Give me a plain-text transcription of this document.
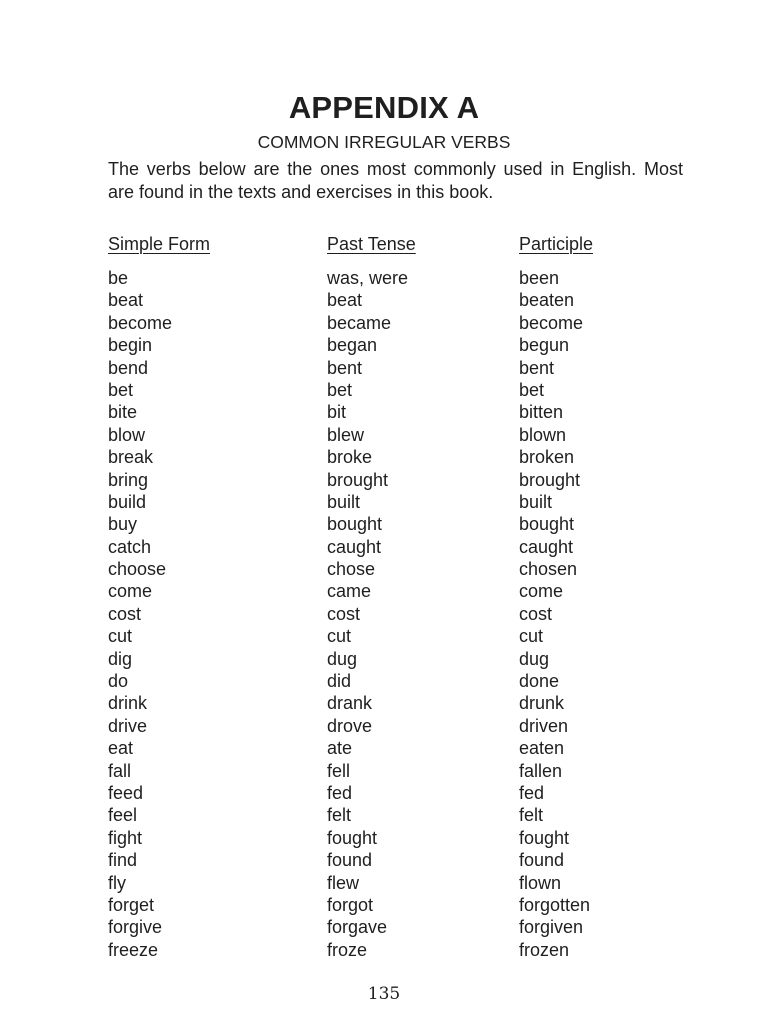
APPENDIX A
COMMON IRREGULAR VERBS

The verbs below are the ones most commonly used in English. Most are found in the texts and exercises in this book.

Simple Form	Past Tense	Participle
be	was, were	been
beat	beat	beaten
become	became	become
begin	began	begun
bend	bent	bent
bet	bet	bet
bite	bit	bitten
blow	blew	blown
break	broke	broken
bring	brought	brought
build	built	built
buy	bought	bought
catch	caught	caught
choose	chose	chosen
come	came	come
cost	cost	cost
cut	cut	cut
dig	dug	dug
do	did	done
drink	drank	drunk
drive	drove	driven
eat	ate	eaten
fall	fell	fallen
feed	fed	fed
feel	felt	felt
fight	fought	fought
find	found	found
fly	flew	flown
forget	forgot	forgotten
forgive	forgave	forgiven
freeze	froze	frozen
135
